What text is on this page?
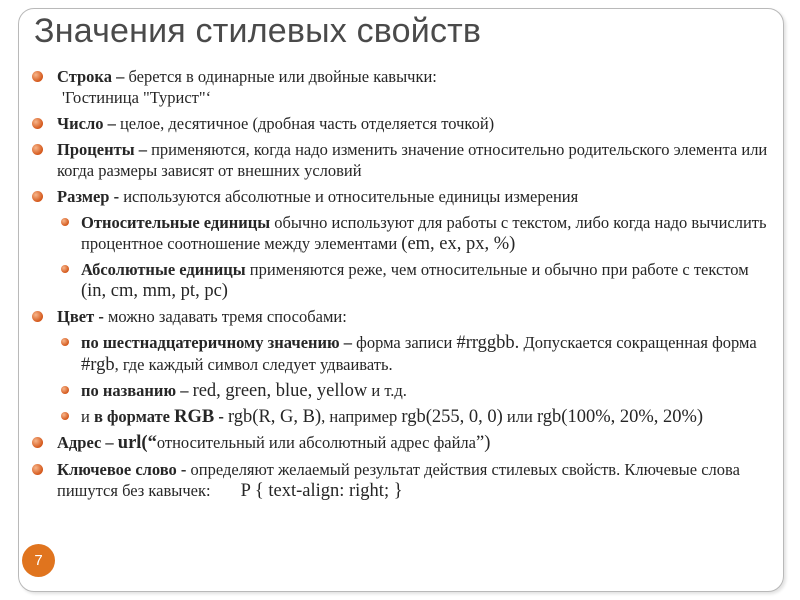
Значения стилевых свойств
Строка – берется в одинарные или двойные кавычки:
'Гостиница "Турист"‘
Число – целое, десятичное (дробная часть отделяется точкой)
Проценты – применяются, когда надо изменить значение относительно родительского элемента или когда размеры зависят от внешних условий
Размер - используются абсолютные и относительные единицы измерения
Относительные единицы обычно используют для работы с текстом, либо когда надо вычислить процентное соотношение между элементами (em, ex, px, %)
Абсолютные единицы применяются реже, чем относительные и обычно при работе с текстом (in, cm, mm, pt, pc)
Цвет - можно задавать тремя способами:
по шестнадцатеричному значению – форма записи #rrggbb. Допускается сокращенная форма #rgb, где каждый символ следует удваивать.
по названию – red, green, blue, yellow и т.д.
и в формате RGB - rgb(R, G, B), например rgb(255, 0, 0) или rgb(100%, 20%, 20%)
Адрес – url(“относительный или абсолютный адрес файла”)
Ключевое слово - определяют желаемый результат действия стилевых свойств. Ключевые слова пишутся без кавычек: P { text-align: right; }
7
